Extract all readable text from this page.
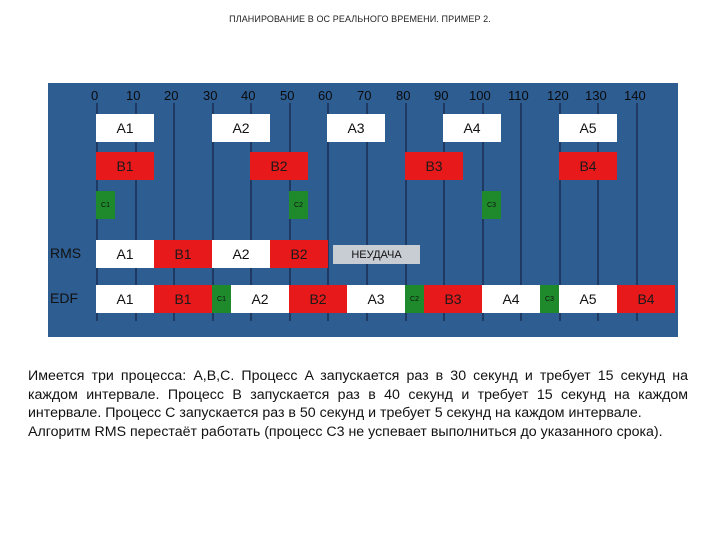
ПЛАНИРОВАНИЕ В ОС РЕАЛЬНОГО ВРЕМЕНИ. ПРИМЕР 2.
0 10 20 30 40 50 60 70 80 90 100 110 120 130 140
A1	A2	A3	A4	A5
B1	B2	B3	B4
C1	C2	C3
RMS	A1	B1	A2	B2	НЕУДАЧА
EDF	A1	B1	C1	A2	B2	A3	C2	B3	A4	C3	A5	B4

Имеется три процесса: A,B,C. Процесс A запускается раз в 30 секунд и требует 15 секунд на каждом интервале. Процесс B запускается раз в 40 секунд и требует 15 секунд на каждом интервале. Процесс C запускается раз в 50 секунд и требует 5 секунд на каждом интервале.

Алгоритм RMS перестаёт работать (процесс C3 не успевает выполниться до указанного срока).
